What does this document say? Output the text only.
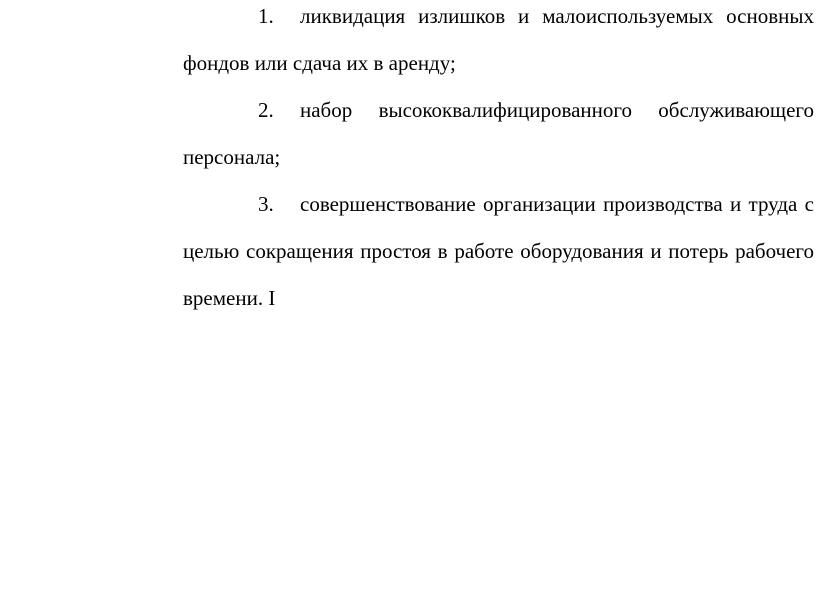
1. ликвидация излишков и малоиспользуемых основных фондов или сдача их в аренду;

2. набор высококвалифицированного обслуживающего персонала;

3. совершенствование организации производства и труда с целью сокращения простоя в работе оборудования и потерь рабочего времени. I
